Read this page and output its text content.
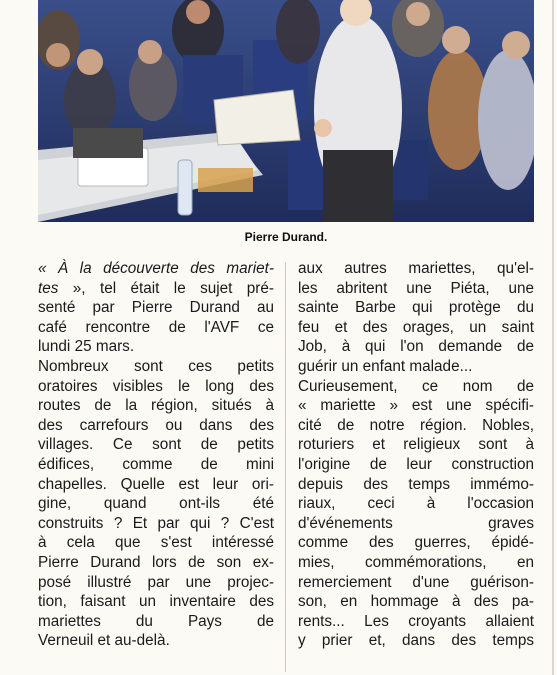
Pierre Durand.
« À la découverte des mariet-
tes », tel était le sujet pré-
senté par Pierre Durand au
café rencontre de l'AVF ce
lundi 25 mars.
Nombreux sont ces petits
oratoires visibles le long des
routes de la région, situés à
des carrefours ou dans des
villages. Ce sont de petits
édifices, comme de mini
chapelles. Quelle est leur ori-
gine, quand ont-ils été
construits ? Et par qui ? C'est
à cela que s'est intéressé
Pierre Durand lors de son ex-
posé illustré par une projec-
tion, faisant un inventaire des
mariettes du Pays de
Verneuil et au-delà.
aux autres mariettes, qu'el-
les abritent une Piéta, une
sainte Barbe qui protège du
feu et des orages, un saint
Job, à qui l'on demande de
guérir un enfant malade...
Curieusement, ce nom de
« mariette » est une spécifi-
cité de notre région. Nobles,
roturiers et religieux sont à
l'origine de leur construction
depuis des temps immémo-
riaux, ceci à l'occasion
d'événements graves
comme des guerres, épidé-
mies, commémorations, en
remerciement d'une guérison-
son, en hommage à des pa-
rents... Les croyants allaient
y prier et, dans des temps
